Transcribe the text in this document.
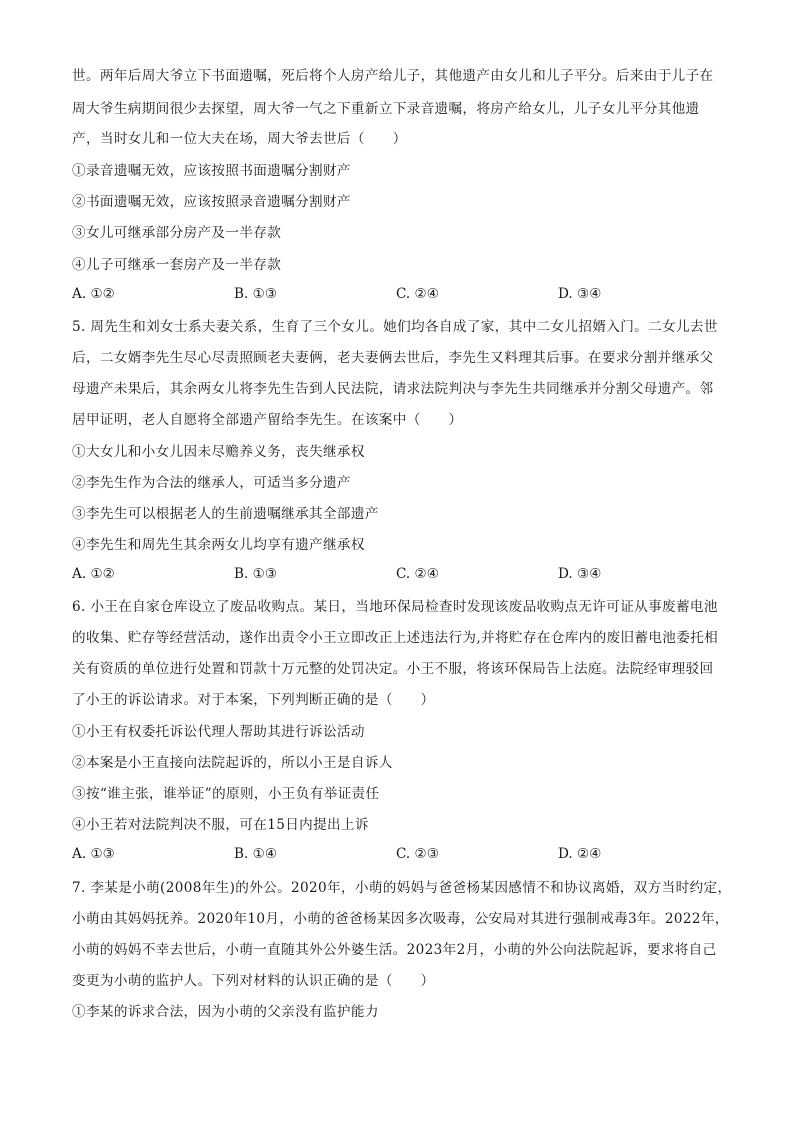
世。两年后周大爷立下书面遗嘱，死后将个人房产给儿子，其他遗产由女儿和儿子平分。后来由于儿子在
周大爷生病期间很少去探望，周大爷一气之下重新立下录音遗嘱，将房产给女儿，儿子女儿平分其他遗
产，当时女儿和一位大夫在场，周大爷去世后（　　）
①录音遗嘱无效，应该按照书面遗嘱分割财产
②书面遗嘱无效，应该按照录音遗嘱分割财产
③女儿可继承部分房产及一半存款
④儿子可继承一套房产及一半存款
A. ①②	B. ①③	C. ②④	D. ③④
5. 周先生和刘女士系夫妻关系，生育了三个女儿。她们均各自成了家，其中二女儿招婿入门。二女儿去世
后，二女婿李先生尽心尽责照顾老夫妻俩，老夫妻俩去世后，李先生又料理其后事。在要求分割并继承父
母遗产未果后，其余两女儿将李先生告到人民法院，请求法院判决与李先生共同继承并分割父母遗产。邻
居甲证明，老人自愿将全部遗产留给李先生。在该案中（　　）
①大女儿和小女儿因未尽赡养义务，丧失继承权
②李先生作为合法的继承人，可适当多分遗产
③李先生可以根据老人的生前遗嘱继承其全部遗产
④李先生和周先生其余两女儿均享有遗产继承权
A. ①②	B. ①③	C. ②④	D. ③④
6. 小王在自家仓库设立了废品收购点。某日，当地环保局检查时发现该废品收购点无许可证从事废蓄电池
的收集、贮存等经营活动，遂作出责令小王立即改正上述违法行为,并将贮存在仓库内的废旧蓄电池委托相
关有资质的单位进行处置和罚款十万元整的处罚决定。小王不服，将该环保局告上法庭。法院经审理驳回
了小王的诉讼请求。对于本案，下列判断正确的是（　　）
①小王有权委托诉讼代理人帮助其进行诉讼活动
②本案是小王直接向法院起诉的，所以小王是自诉人
③按“谁主张，谁举证”的原则，小王负有举证责任
④小王若对法院判决不服，可在15日内提出上诉
A. ①③	B. ①④	C. ②③	D. ②④
7. 李某是小萌(2008年生)的外公。2020年，小萌的妈妈与爸爸杨某因感情不和协议离婚，双方当时约定，
小萌由其妈妈抚养。2020年10月，小萌的爸爸杨某因多次吸毒，公安局对其进行强制戒毒3年。2022年，
小萌的妈妈不幸去世后，小萌一直随其外公外婆生活。2023年2月，小萌的外公向法院起诉，要求将自己
变更为小萌的监护人。下列对材料的认识正确的是（　　）
①李某的诉求合法，因为小萌的父亲没有监护能力
